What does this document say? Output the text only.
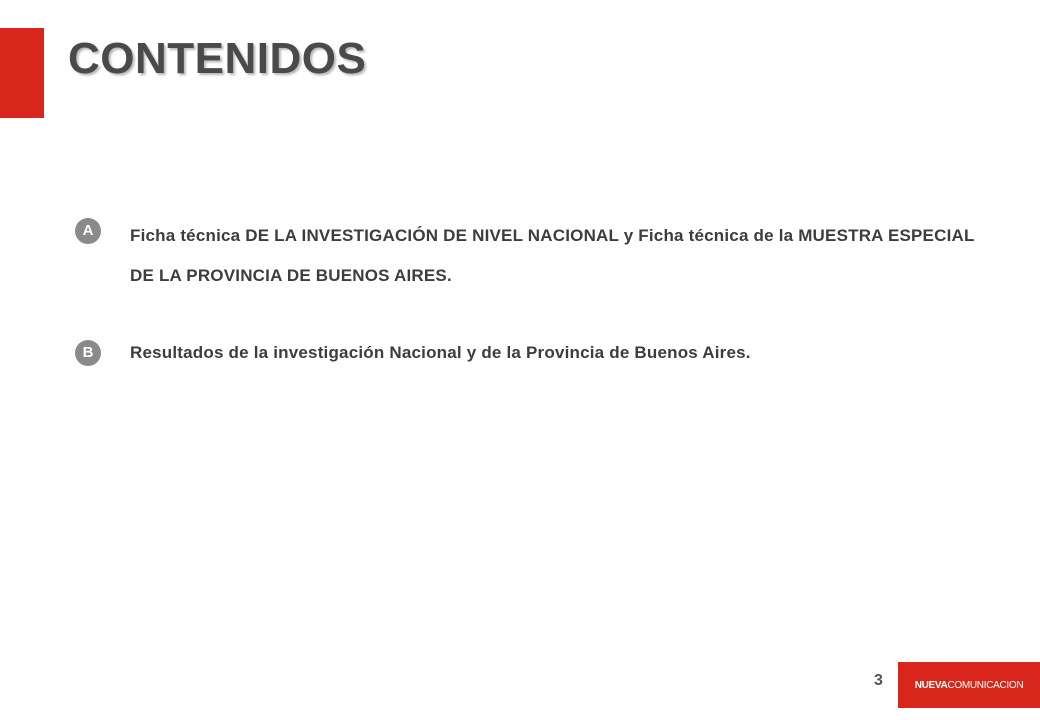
CONTENIDOS
A	Ficha técnica DE LA INVESTIGACIÓN DE NIVEL NACIONAL y Ficha técnica de la MUESTRA ESPECIAL DE LA PROVINCIA DE BUENOS AIRES.
B	Resultados de la investigación Nacional y de la Provincia de Buenos Aires.
3	NUEVA COMUNICACION
